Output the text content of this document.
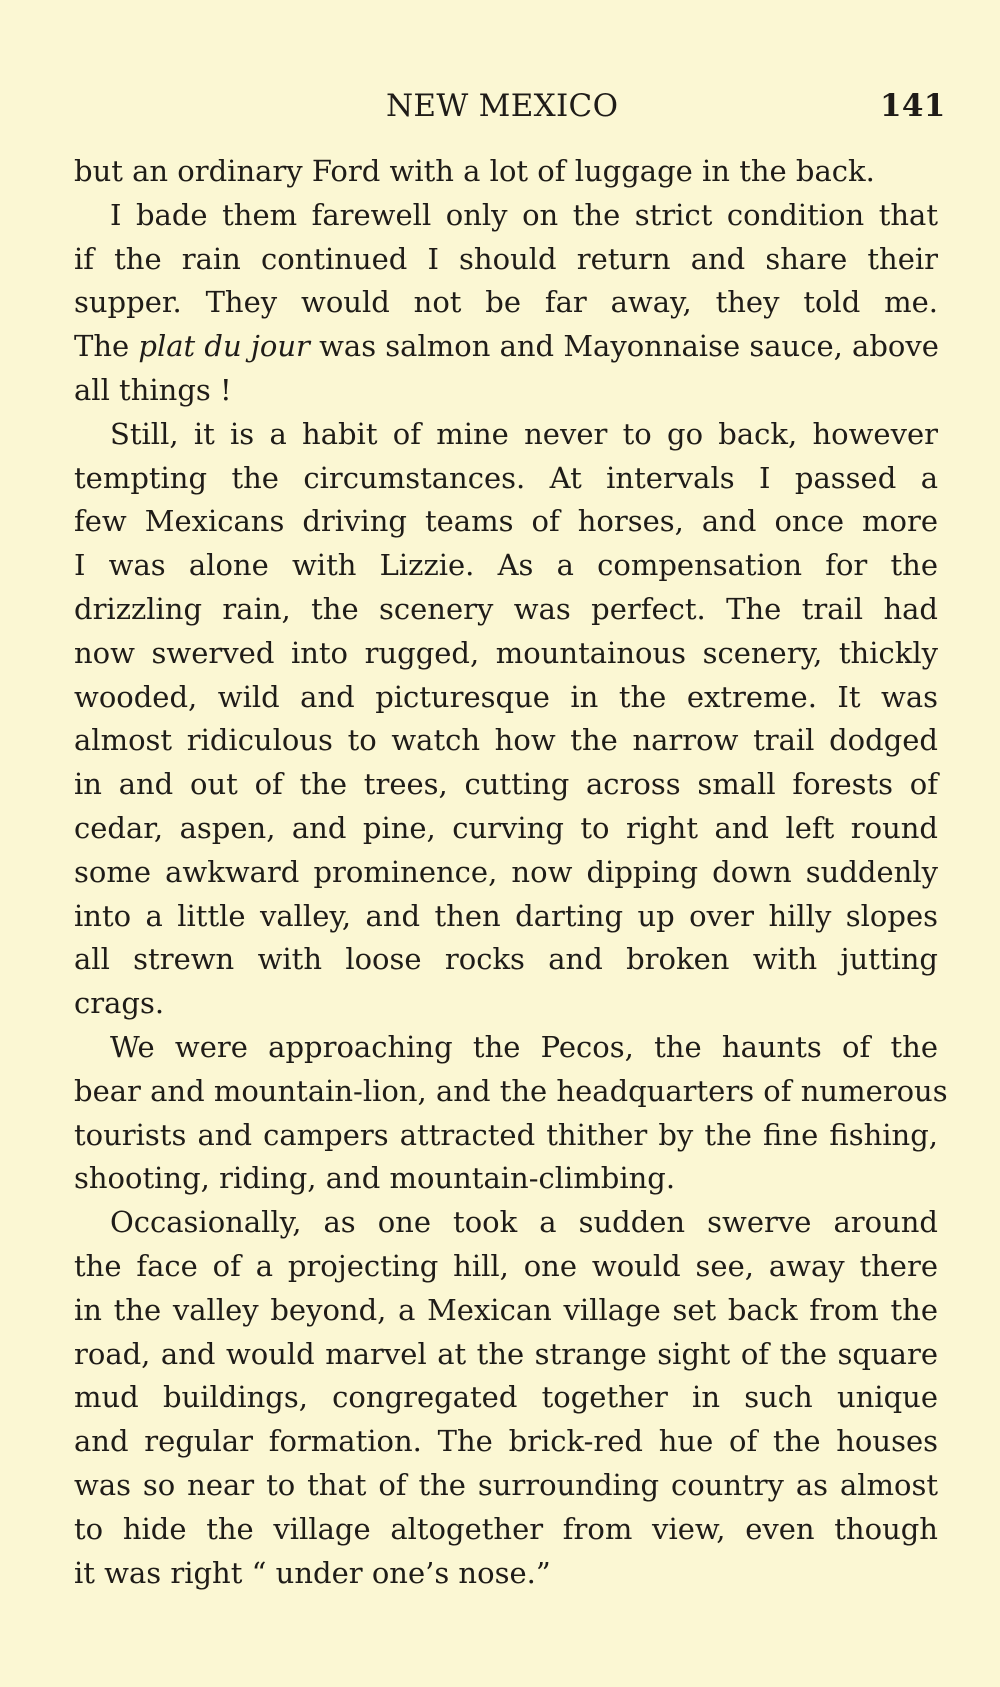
NEW MEXICO	141
but an ordinary Ford with a lot of luggage in the back.
I bade them farewell only on the strict condition that
if the rain continued I should return and share their
supper. They would not be far away, they told me.
The plat du jour was salmon and Mayonnaise sauce, above
all things !
Still, it is a habit of mine never to go back, however
tempting the circumstances. At intervals I passed a
few Mexicans driving teams of horses, and once more
I was alone with Lizzie. As a compensation for the
drizzling rain, the scenery was perfect. The trail had
now swerved into rugged, mountainous scenery, thickly
wooded, wild and picturesque in the extreme. It was
almost ridiculous to watch how the narrow trail dodged
in and out of the trees, cutting across small forests of
cedar, aspen, and pine, curving to right and left round
some awkward prominence, now dipping down suddenly
into a little valley, and then darting up over hilly slopes
all strewn with loose rocks and broken with jutting
crags.
We were approaching the Pecos, the haunts of the
bear and mountain-lion, and the headquarters of numerous
tourists and campers attracted thither by the fine fishing,
shooting, riding, and mountain-climbing.
Occasionally, as one took a sudden swerve around
the face of a projecting hill, one would see, away there
in the valley beyond, a Mexican village set back from the
road, and would marvel at the strange sight of the square
mud buildings, congregated together in such unique
and regular formation. The brick-red hue of the houses
was so near to that of the surrounding country as almost
to hide the village altogether from view, even though
it was right “ under one’s nose.”
